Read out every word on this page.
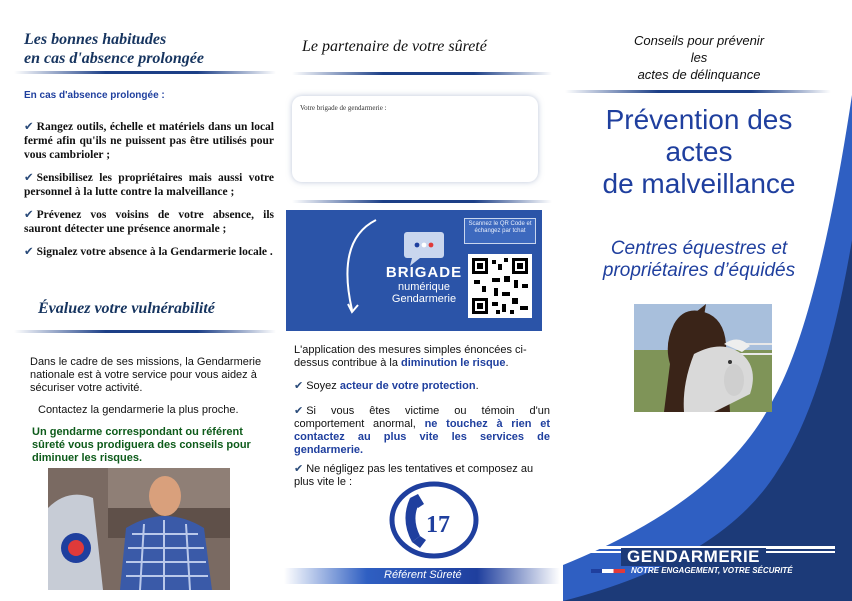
Les bonnes habitudes
en cas d'absence prolongée
En cas d'absence prolongée :
✔ Rangez outils, échelle et matériels dans un local fermé afin qu'ils ne puissent pas être utilisés pour vous cambrioler ;
✔ Sensibilisez les propriétaires mais aussi votre personnel à la lutte contre la malveillance ;
✔ Prévenez vos voisins de votre absence, ils sauront détecter une présence anormale ;
✔ Signalez votre absence à la Gendarmerie locale .
Évaluez votre vulnérabilité
Dans le cadre de ses missions, la Gendarmerie nationale est à votre service pour vous aidez à sécuriser votre activité.
Contactez la gendarmerie la plus proche.
Un gendarme correspondant ou référent sûreté vous prodiguera des conseils pour diminuer les risques.
Le partenaire de votre sûreté
Votre brigade de gendarmerie :
BRIGADE
numérique
Gendarmerie
Scannez le QR Code et échangez par tchat
L'application des mesures simples énoncées ci-dessus contribue à la diminution le risque.
✔ Soyez acteur de votre protection.
✔ Si vous êtes victime ou témoin d'un comportement anormal, ne touchez à rien et contactez au plus vite les services de gendarmerie.
✔ Ne négligez pas les tentatives et composez au plus vite le :
17
Référent Sûreté
Conseils pour prévenir
les
actes de délinquance
Prévention des
actes
de malveillance
Centres équestres et
propriétaires d’équidés
GENDARMERIE
NOTRE ENGAGEMENT, VOTRE SÉCURITÉ
